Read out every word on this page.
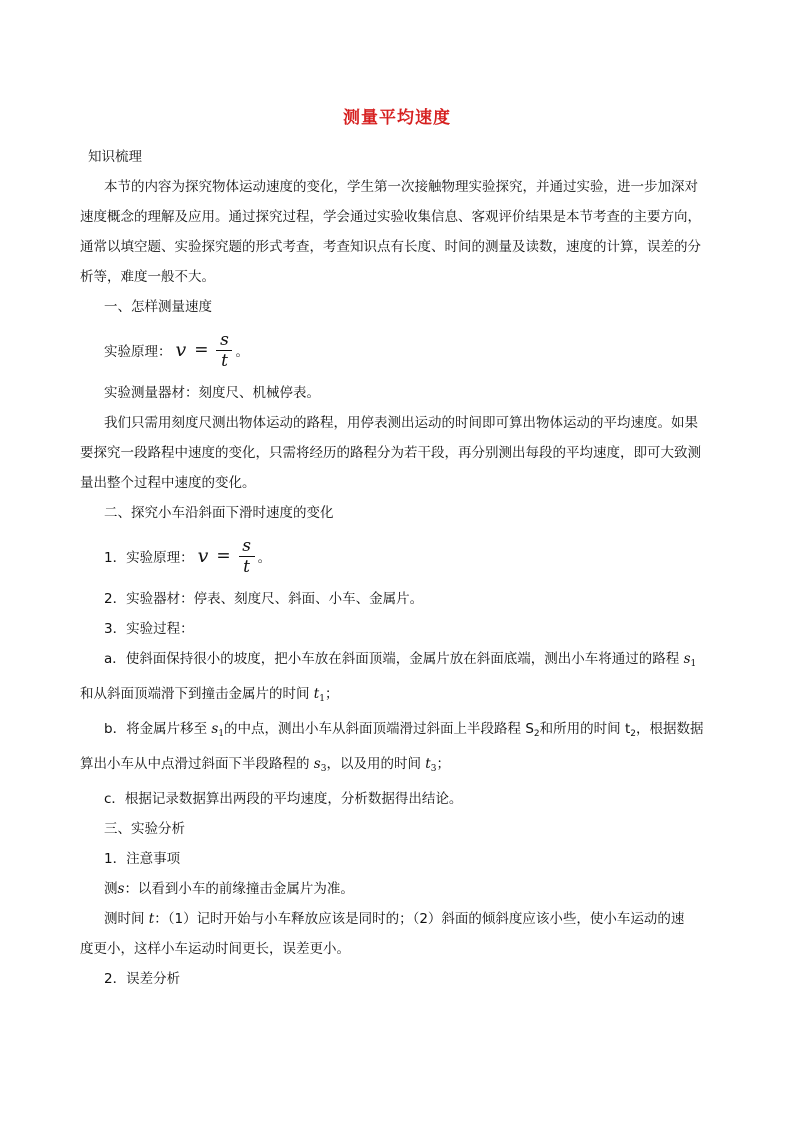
测量平均速度
知识梳理
本节的内容为探究物体运动速度的变化，学生第一次接触物理实验探究，并通过实验，进一步加深对
速度概念的理解及应用。通过探究过程，学会通过实验收集信息、客观评价结果是本节考查的主要方向，
通常以填空题、实验探究题的形式考查，考查知识点有长度、时间的测量及读数，速度的计算，误差的分
析等，难度一般不大。
一、怎样测量速度
实验原理： $v = \frac{s}{t}$ 。
实验测量器材：刻度尺、机械停表。
我们只需用刻度尺测出物体运动的路程，用停表测出运动的时间即可算出物体运动的平均速度。如果
要探究一段路程中速度的变化，只需将经历的路程分为若干段，再分别测出每段的平均速度，即可大致测
量出整个过程中速度的变化。
二、探究小车沿斜面下滑时速度的变化
1．实验原理： $v = \frac{s}{t}$ 。
2．实验器材：停表、刻度尺、斜面、小车、金属片。
3．实验过程：
a．使斜面保持很小的坡度，把小车放在斜面顶端，金属片放在斜面底端，测出小车将通过的路程 $s_1$
和从斜面顶端滑下到撞击金属片的时间 $t_1$；
b．将金属片移至 $s_1$的中点，测出小车从斜面顶端滑过斜面上半段路程 $S_2$和所用的时间 $t_2$，根据数据
算出小车从中点滑过斜面下半段路程的 $s_3$，以及用的时间 $t_3$；
c．根据记录数据算出两段的平均速度，分析数据得出结论。
三、实验分析
1．注意事项
测s：以看到小车的前缘撞击金属片为准。
测时间 t：（1）记时开始与小车释放应该是同时的；（2）斜面的倾斜度应该小些，使小车运动的速
度更小，这样小车运动时间更长，误差更小。
2．误差分析
